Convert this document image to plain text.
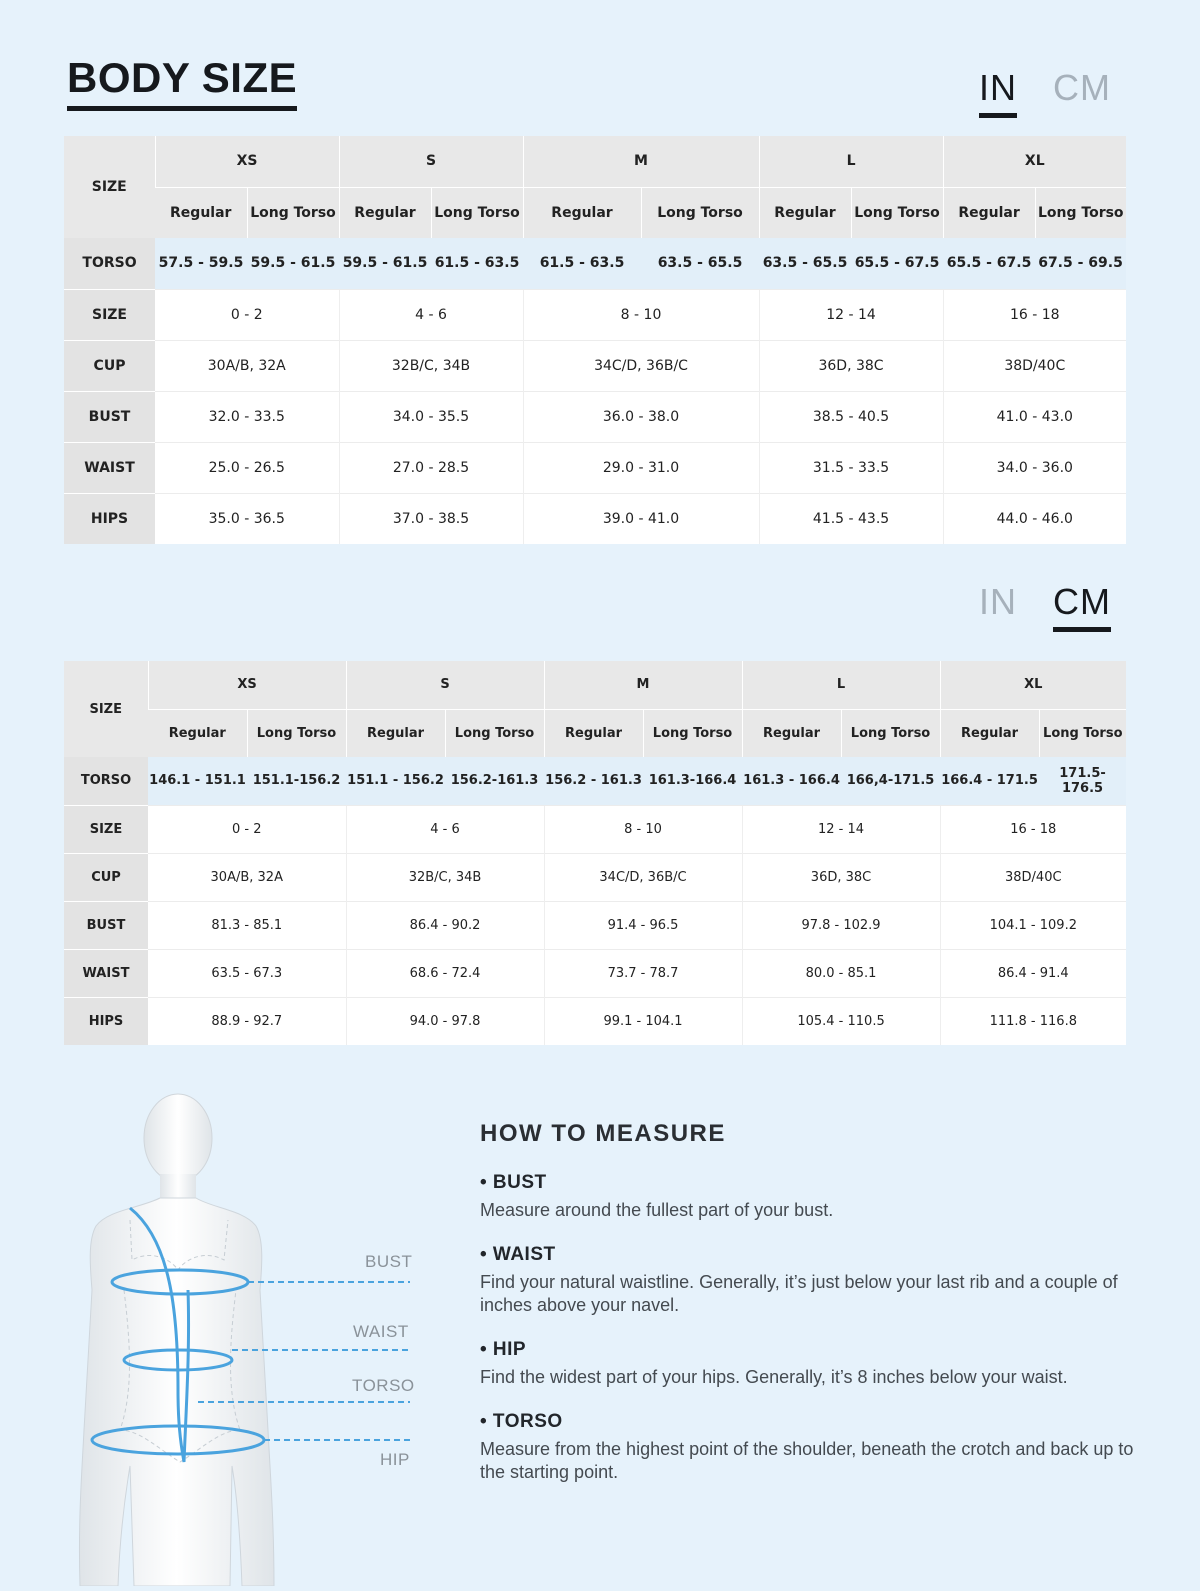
BODY SIZE	IN CM
SIZE	XS		S		M		L		XL	
	Regular	Long Torso	Regular	Long Torso	Regular	Long Torso	Regular	Long Torso	Regular	Long Torso
TORSO	57.5 - 59.5	59.5 - 61.5	59.5 - 61.5	61.5 - 63.5	61.5 - 63.5	63.5 - 65.5	63.5 - 65.5	65.5 - 67.5	65.5 - 67.5	67.5 - 69.5
SIZE	0 - 2		4 - 6		8 - 10		12 - 14		16 - 18	
CUP	30A/B, 32A		32B/C, 34B		34C/D, 36B/C		36D, 38C		38D/40C	
BUST	32.0 - 33.5		34.0 - 35.5		36.0 - 38.0		38.5 - 40.5		41.0 - 43.0	
WAIST	25.0 - 26.5		27.0 - 28.5		29.0 - 31.0		31.5 - 33.5		34.0 - 36.0	
HIPS	35.0 - 36.5		37.0 - 38.5		39.0 - 41.0		41.5 - 43.5		44.0 - 46.0	
IN CM
SIZE	XS		S		M		L		XL	
	Regular	Long Torso	Regular	Long Torso	Regular	Long Torso	Regular	Long Torso	Regular	Long Torso
TORSO	146.1 - 151.1	151.1-156.2	151.1 - 156.2	156.2-161.3	156.2 - 161.3	161.3-166.4	161.3 - 166.4	166,4-171.5	166.4 - 171.5	171.5-176.5
SIZE	0 - 2		4 - 6		8 - 10		12 - 14		16 - 18	
CUP	30A/B, 32A		32B/C, 34B		34C/D, 36B/C		36D, 38C		38D/40C	
BUST	81.3 - 85.1		86.4 - 90.2		91.4 - 96.5		97.8 - 102.9		104.1 - 109.2	
WAIST	63.5 - 67.3		68.6 - 72.4		73.7 - 78.7		80.0 - 85.1		86.4 - 91.4	
HIPS	88.9 - 92.7		94.0 - 97.8		99.1 - 104.1		105.4 - 110.5		111.8 - 116.8	
BUST
WAIST
TORSO
HIP
HOW TO MEASURE
• BUST
Measure around the fullest part of your bust.
• WAIST
Find your natural waistline. Generally, it’s just below your last rib and a couple of inches above your navel.
• HIP
Find the widest part of your hips. Generally, it’s 8 inches below your waist.
• TORSO
Measure from the highest point of the shoulder, beneath the crotch and back up to the starting point.
